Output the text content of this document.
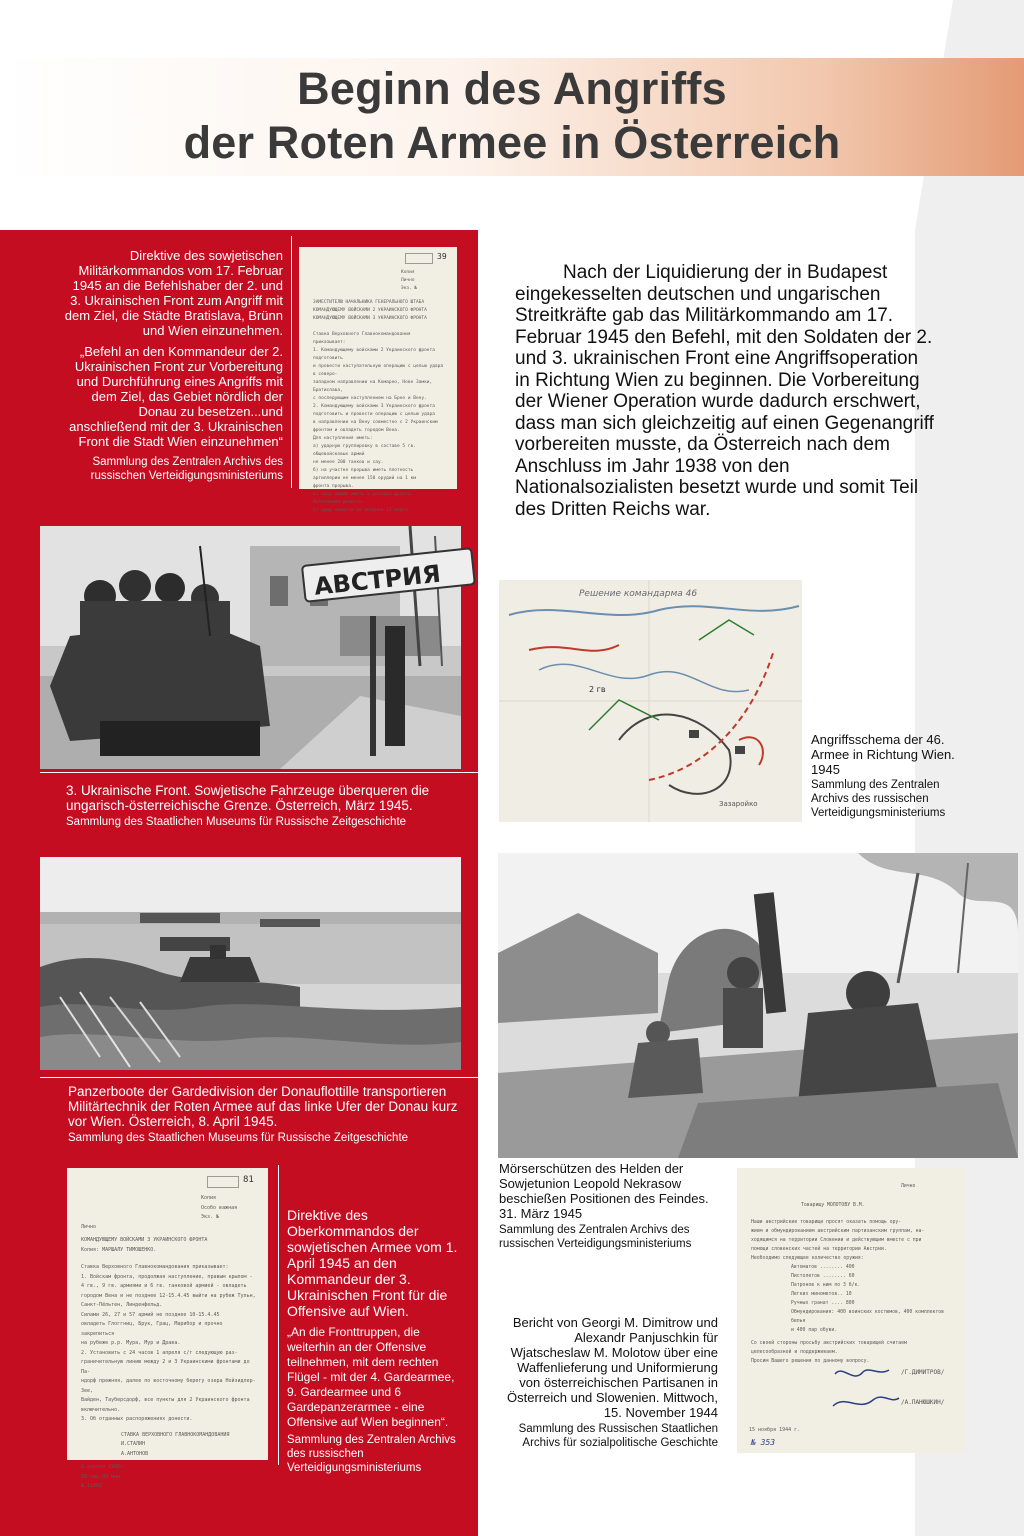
Beginn des Angriffs
der Roten Armee in Österreich

Direktive des sowjetischen Militärkommandos vom 17. Februar 1945 an die Befehlshaber der 2. und 3. Ukrainischen Front zum Angriff mit dem Ziel, die Städte Bratislava, Brünn und Wien einzunehmen.

„Befehl an den Kommandeur der 2. Ukrainischen Front zur Vorbereitung und Durchführung eines Angriffs mit dem Ziel, das Gebiet nördlich der Donau zu besetzen...und anschließend mit der 3. Ukrainischen Front die Stadt Wien einzunehmen“

Sammlung des Zentralen Archivs des russischen Verteidigungsministeriums

39
Копия
Лично
Экз. №
ЗАМЕСТИТЕЛЮ НАЧАЛЬНИКА ГЕНЕРАЛЬНОГО ШТАБА
КОМАНДУЮЩЕМУ ВОЙСКАМИ 2 УКРАИНСКОГО ФРОНТА
КОМАНДУЮЩЕМУ ВОЙСКАМИ 3 УКРАИНСКОГО ФРОНТА
Ставка Верховного Главнокомандования приказывает:
1. Командующему войсками 2 Украинского фронта подготовить
и провести наступательную операцию с целью удара в северо-
западном направлении на Комарно, Нове Замки, Братислава,
с последующим наступлением на Брно и Вену.
2. Командующему войсками 3 Украинского фронта
подготовить и провести операцию с целью удара
в направлении на Вену совместно с 2 Украинским
фронтом и овладеть городом Вена.
Для наступления иметь:
а) ударную группировку в составе 5 гв. общевойсковых армий
не менее 200 танков и сау.
б) на участке прорыва иметь плотность
артиллерии не менее 150 орудий на 1 км
фронта прорыва.
в) одну армию иметь в резерве фронта.
Исполнение донести.
4) удар нанести не позднее 15 марта.
Nach der Liquidierung der in Budapest eingekesselten deutschen und ungarischen Streitkräfte gab das Militärkommando am 17. Februar 1945 den Befehl, mit den Soldaten der 2. und 3. ukrainischen Front eine Angriffsoperation in Richtung Wien zu beginnen. Die Vorbereitung der Wiener Operation wurde dadurch erschwert, dass man sich gleichzeitig auf einen Gegenangriff vorbereiten musste, da Österreich nach dem Anschluss im Jahr 1938 von den Nationalsozialisten besetzt wurde und somit Teil des Dritten Reichs war.
АВСТРИЯ
3. Ukrainische Front. Sowjetische Fahrzeuge überqueren die ungarisch-österreichische Grenze. Österreich, März 1945.
Sammlung des Staatlichen Museums für Russische Zeitgeschichte
Решение командарма 46
2 гв
Зазаройко
Angriffsschema der 46. Armee in Richtung Wien. 1945
Sammlung des Zentralen Archivs des russischen Verteidigungsministeriums
Panzerboote der Gardedivision der Donauflottille transportieren Militärtechnik der Roten Armee auf das linke Ufer der Donau kurz vor Wien. Österreich, 8. April 1945.
Sammlung des Staatlichen Museums für Russische Zeitgeschichte
Mörserschützen des Helden der Sowjetunion Leopold Nekrasow beschießen Positionen des Feindes. 31. März 1945
Sammlung des Zentralen Archivs des russischen Verteidigungsministeriums
81
Копия
Особо важная
Экз. №
Лично
КОМАНДУЮЩЕМУ ВОЙСКАМИ 3 УКРАИНСКОГО ФРОНТА
Копия: МАРШАЛУ ТИМОШЕНКО.
Ставка Верховного Главнокомандования приказывает:
1. Войскам фронта, продолжая наступление, правым крылом -
4 гв., 9 гв. армиями и 6 гв. танковой армией - овладеть
городом Вена и не позднее 12-15.4.45 выйти на рубеж Тульн,
Санкт-Пёльтен, Линденфельд.
Силами 26, 27 и 57 армий не позднее 10-15.4.45
овладеть Глоггниц, Брук, Грац, Марибор и прочно закрепиться
на рубеже р.р. Мура, Мур и Драва.
2. Установить с 24 часов 1 апреля с/г следующую раз-
граничительную линию между 2 и 3 Украинскими фронтами до Па-
ндорф прежняя, далее по восточному берегу озера Нойзидлер-Зее,
Вайден, Тауберсдорф, все пункты для 2 Украинского фронта
включительно.
3. Об отданных распоряжениях донести.
СТАВКА ВЕРХОВНОГО ГЛАВНОКОМАНДОВАНИЯ
И.СТАЛИН
А.АНТОНОВ
1 апреля 1945г.
20 час.00 мин.
№ 11062
Direktive des Oberkommandos der sowjetischen Armee vom 1. April 1945 an den Kommandeur der 3. Ukrainischen Front für die Offensive auf Wien.
„An die Fronttruppen, die weiterhin an der Offensive teilnehmen, mit dem rechten Flügel - mit der 4. Gardearmee, 9. Gardearmee und 6 Gardepanzerarmee - eine Offensive auf Wien beginnen“.
Sammlung des Zentralen Archivs des russischen Verteidigungsministeriums
Bericht von Georgi M. Dimitrow und Alexandr Panjuschkin für Wjatscheslaw M. Molotow über eine Waffenlieferung und Uniformierung von österreichischen Partisanen in Österreich und Slowenien. Mittwoch, 15. November 1944
Sammlung des Russischen Staatlichen Archivs für sozialpolitische Geschichte
Лично
Товарищу МОЛОТОВУ В.М.
Наши австрийские товарищи просят оказать помощь ору-
жием и обмундированием австрийским партизанским группам, на-
ходящимся на территории Словении и действующим вместе с при
помощи словенских частей на территории Австрии.
Необходимо следующее количество оружия:
Автоматов ........ 400
Пистолетов ........ 60
Патронов к ним по 3 б/к.
Легких минометов.. 10
Ручных гранат .... 800
Обмундирования: 400 воинских костюмов, 400 комплектов белья
и 400 пар обуви.
Со своей стороны просьбу австрийских товарищей считаем
целесообразной и поддерживаем.
Просим Вашего решения по данному вопросу.
/Г.ДИМИТРОВ/
/А.ПАНЮШКИН/
15 ноября 1944 г.
№ 353
